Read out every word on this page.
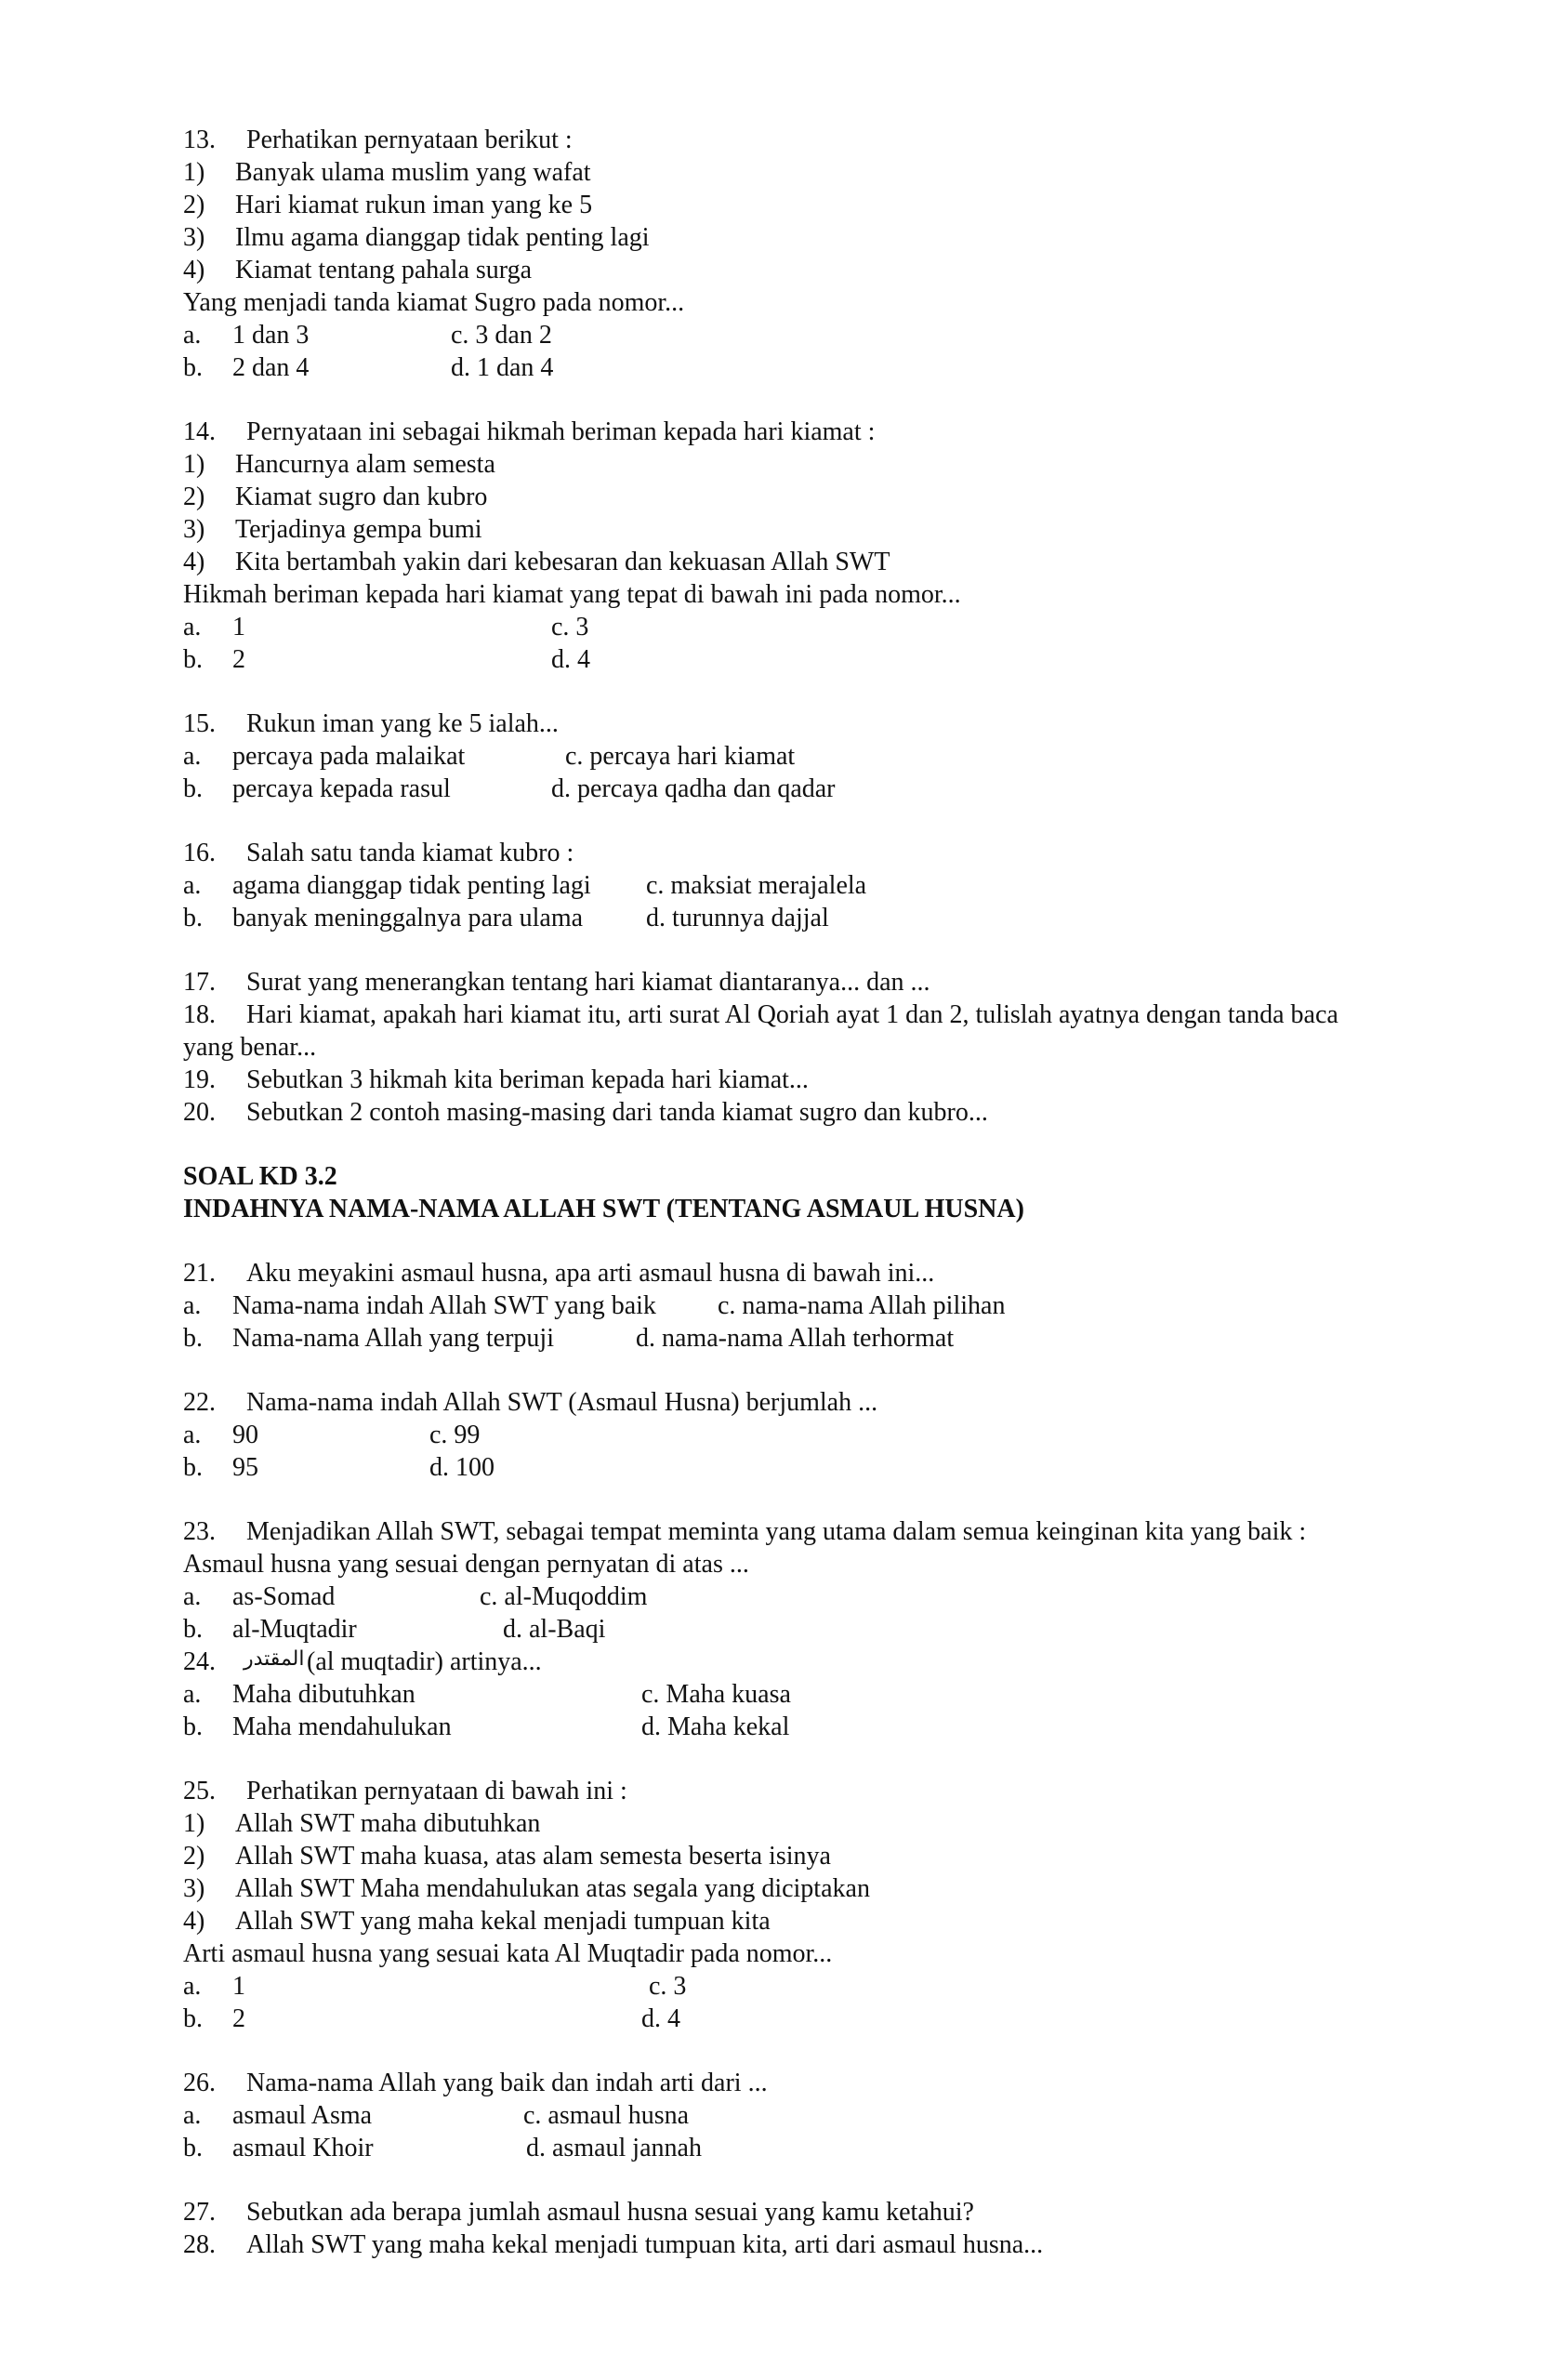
13. Perhatikan pernyataan berikut :
1) Banyak ulama muslim yang wafat
2) Hari kiamat rukun iman yang ke 5
3) Ilmu agama dianggap tidak penting lagi
4) Kiamat tentang pahala surga
Yang menjadi tanda kiamat Sugro pada nomor...
a. 1 dan 3	c. 3 dan 2
b. 2 dan 4	d. 1 dan 4
14. Pernyataan ini sebagai hikmah beriman kepada hari kiamat :
1) Hancurnya alam semesta
2) Kiamat sugro dan kubro
3) Terjadinya gempa bumi
4) Kita bertambah yakin dari kebesaran dan kekuasan Allah SWT
Hikmah beriman kepada hari kiamat yang tepat di bawah ini pada nomor...
a. 1	c. 3
b. 2	d. 4
15. Rukun iman yang ke 5 ialah...
a. percaya pada malaikat	c. percaya hari kiamat
b. percaya kepada rasul	d. percaya qadha dan qadar
16. Salah satu tanda kiamat kubro :
a. agama dianggap tidak penting lagi c. maksiat merajalela
b. banyak meninggalnya para ulama d. turunnya dajjal
17. Surat yang menerangkan tentang hari kiamat diantaranya... dan ...
18. Hari kiamat, apakah hari kiamat itu, arti surat Al Qoriah ayat 1 dan 2, tulislah ayatnya dengan tanda baca
yang benar...
19. Sebutkan 3 hikmah kita beriman kepada hari kiamat...
20. Sebutkan 2 contoh masing-masing dari tanda kiamat sugro dan kubro...
SOAL KD 3.2
INDAHNYA NAMA-NAMA ALLAH SWT (TENTANG ASMAUL HUSNA)
21. Aku meyakini asmaul husna, apa arti asmaul husna di bawah ini...
a. Nama-nama indah Allah SWT yang baik c. nama-nama Allah pilihan
b. Nama-nama Allah yang terpuji	d. nama-nama Allah terhormat
22. Nama-nama indah Allah SWT (Asmaul Husna) berjumlah ...
a. 90	c. 99
b. 95	d. 100
23. Menjadikan Allah SWT, sebagai tempat meminta yang utama dalam semua keinginan kita yang baik :
Asmaul husna yang sesuai dengan pernyatan di atas ...
a. as-Somad	c. al-Muqoddim
b. al-Muqtadir	d. al-Baqi
24. المقتدر (al muqtadir) artinya...
a. Maha dibutuhkan	c. Maha kuasa
b. Maha mendahulukan	d. Maha kekal
25. Perhatikan pernyataan di bawah ini :
1) Allah SWT maha dibutuhkan
2) Allah SWT maha kuasa, atas alam semesta beserta isinya
3) Allah SWT Maha mendahulukan atas segala yang diciptakan
4) Allah SWT yang maha kekal menjadi tumpuan kita
Arti asmaul husna yang sesuai kata Al Muqtadir pada nomor...
a. 1	c. 3
b. 2	d. 4
26. Nama-nama Allah yang baik dan indah arti dari ...
a. asmaul Asma	c. asmaul husna
b. asmaul Khoir	d. asmaul jannah
27. Sebutkan ada berapa jumlah asmaul husna sesuai yang kamu ketahui?
28. Allah SWT yang maha kekal menjadi tumpuan kita, arti dari asmaul husna...
